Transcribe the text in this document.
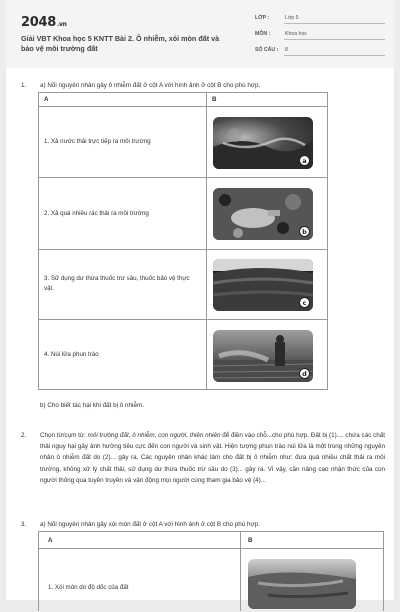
2048.vn
Giải VBT Khoa học 5 KNTT Bài 2. Ô nhiễm, xói mòn đất và bảo vệ môi trường đất
LỚP :	Lớp 5
MÔN :	Khoa học
SỐ CÂU : 8
1. a) Nối nguyên nhân gây ô nhiễm đất ở cột A với hình ảnh ở cột B cho phù hợp.
A	B
1. Xả nước thải trực tiếp ra môi trường
a
2. Xả quá nhiều rác thải ra môi trường
b
3. Sử dụng dư thừa thuốc trừ sâu, thuốc bảo vệ thực vật.
c
4. Núi lửa phun trào
d
b) Cho biết tác hại khi đất bị ô nhiễm.
2. Chọn từ/cụm từ: môi trường đất, ô nhiễm, con người, thiên nhiên để điền vào chỗ...cho phù hợp. Đất bị (1).... chứa các chất thải nguy hại gây ảnh hưởng tiêu cực đến con người và sinh vật. Hiện tượng phun trào núi lửa là một trong những nguyên nhân ô nhiễm đất do (2)... gây ra. Các nguyên nhân khác làm cho đất bị ô nhiễm như: đưa quá nhiều chất thải ra môi trường, không xử lý chất thải, sử dụng dư thừa thuốc trừ sâu do (3)... gây ra. Vì vậy, cần nâng cao nhận thức của con người thông qua tuyên truyền và vận động mọi người cùng tham gia bảo vệ (4)...
3. a) Nối nguyên nhân gây xói mòn đất ở cột A với hình ảnh ở cột B cho phù hợp.
A	B
1. Xói mòn do độ dốc của đất
